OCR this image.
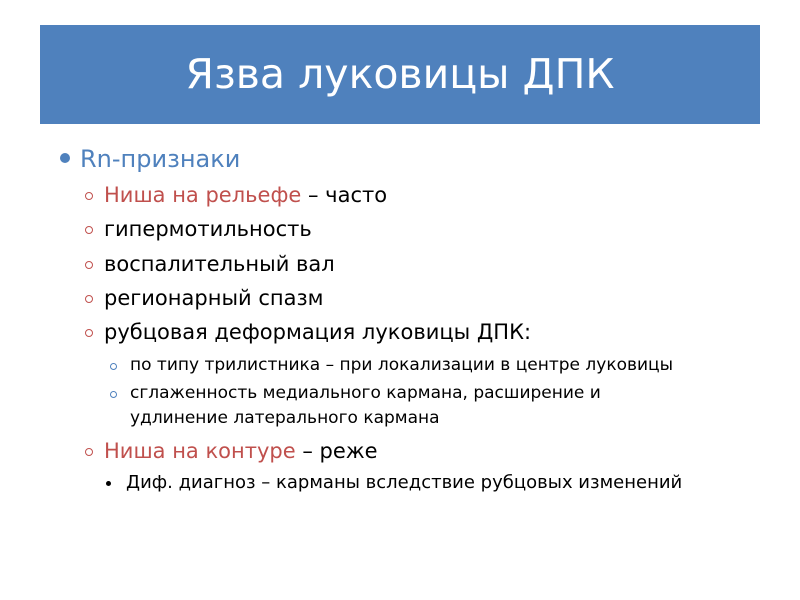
Язва луковицы ДПК
Rn-признаки
Ниша на рельефе – часто
гипермотильность
воспалительный вал
регионарный спазм
рубцовая деформация луковицы ДПК:
по типу трилистника – при локализации в центре луковицы
сглаженность медиального кармана, расширение и
удлинение латерального кармана
Ниша на контуре – реже
Диф. диагноз – карманы вследствие рубцовых изменений
